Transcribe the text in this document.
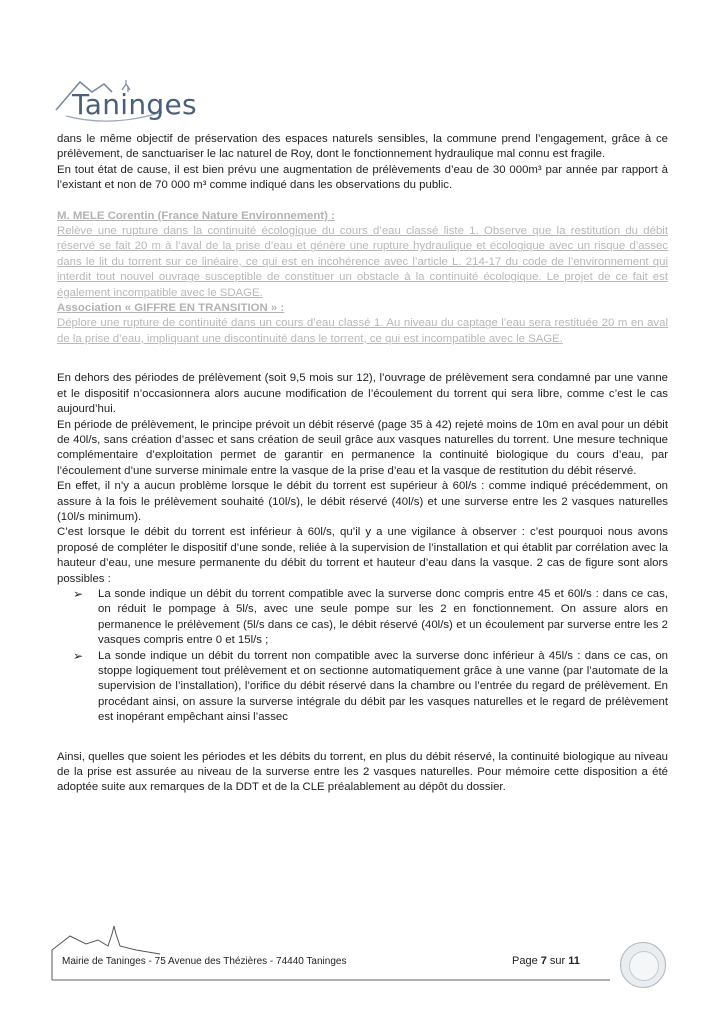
Taninges

dans le même objectif de préservation des espaces naturels sensibles, la commune prend l’engagement, grâce à ce prélèvement, de sanctuariser le lac naturel de Roy, dont le fonctionnement hydraulique mal connu est fragile.

En tout état de cause, il est bien prévu une augmentation de prélèvements d’eau de 30 000m³ par année par rapport à l’existant et non de 70 000 m³ comme indiqué dans les observations du public.

M. MELE Corentin (France Nature Environnement) :

Relève une rupture dans la continuité écologique du cours d’eau classé liste 1. Observe que la restitution du débit réservé se fait 20 m à l’aval de la prise d’eau et génère une rupture hydraulique et écologique avec un risque d’assec dans le lit du torrent sur ce linéaire, ce qui est en incohérence avec l’article L. 214-17 du code de l’environnement qui interdit tout nouvel ouvrage susceptible de constituer un obstacle à la continuité écologique. Le projet de ce fait est également incompatible avec le SDAGE.

Association « GIFFRE EN TRANSITION » :

Déplore une rupture de continuité dans un cours d’eau classé 1. Au niveau du captage l’eau sera restituée 20 m en aval de la prise d’eau, impliquant une discontinuité dans le torrent, ce qui est incompatible avec le SAGE.

En dehors des périodes de prélèvement (soit 9,5 mois sur 12), l’ouvrage de prélèvement sera condamné par une vanne et le dispositif n’occasionnera alors aucune modification de l’écoulement du torrent qui sera libre, comme c’est le cas aujourd’hui.

En période de prélèvement, le principe prévoit un débit réservé (page 35 à 42) rejeté moins de 10m en aval pour un débit de 40l/s, sans création d’assec et sans création de seuil grâce aux vasques naturelles du torrent. Une mesure technique complémentaire d’exploitation permet de garantir en permanence la continuité biologique du cours d’eau, par l’écoulement d’une surverse minimale entre la vasque de la prise d’eau et la vasque de restitution du débit réservé.

En effet, il n’y a aucun problème lorsque le débit du torrent est supérieur à 60l/s : comme indiqué précédemment, on assure à la fois le prélèvement souhaité (10l/s), le débit réservé (40l/s) et une surverse entre les 2 vasques naturelles (10l/s minimum).

C’est lorsque le débit du torrent est inférieur à 60l/s, qu’il y a une vigilance à observer : c’est pourquoi nous avons proposé de compléter le dispositif d’une sonde, reliée à la supervision de l’installation et qui établit par corrélation avec la hauteur d’eau, une mesure permanente du débit du torrent et hauteur d’eau dans la vasque. 2 cas de figure sont alors possibles :

➢ La sonde indique un débit du torrent compatible avec la surverse donc compris entre 45 et 60l/s : dans ce cas, on réduit le pompage à 5l/s, avec une seule pompe sur les 2 en fonctionnement. On assure alors en permanence le prélèvement (5l/s dans ce cas), le débit réservé (40l/s) et un écoulement par surverse entre les 2 vasques compris entre 0 et 15l/s ;
➢ La sonde indique un débit du torrent non compatible avec la surverse donc inférieur à 45l/s : dans ce cas, on stoppe logiquement tout prélèvement et on sectionne automatiquement grâce à une vanne (par l’automate de la supervision de l’installation), l’orifice du débit réservé dans la chambre ou l’entrée du regard de prélèvement. En procédant ainsi, on assure la surverse intégrale du débit par les vasques naturelles et le regard de prélèvement est inopérant empêchant ainsi l’assec

Ainsi, quelles que soient les périodes et les débits du torrent, en plus du débit réservé, la continuité biologique au niveau de la prise est assurée au niveau de la surverse entre les 2 vasques naturelles. Pour mémoire cette disposition a été adoptée suite aux remarques de la DDT et de la CLE préalablement au dépôt du dossier.

Mairie de Taninges - 75 Avenue des Thézières - 74440 Taninges	Page 7 sur 11
